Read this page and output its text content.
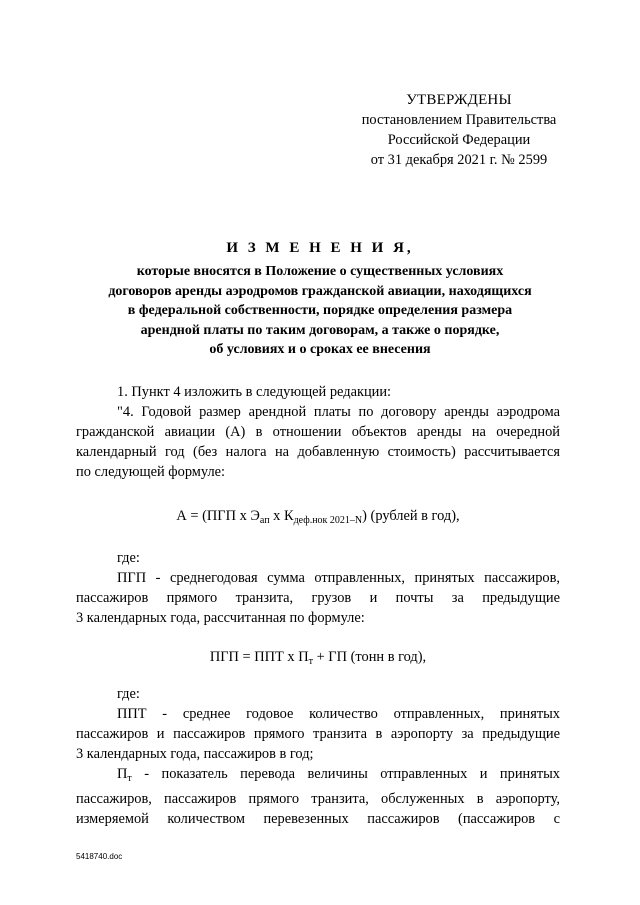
УТВЕРЖДЕНЫ
постановлением Правительства
Российской Федерации
от 31 декабря 2021 г. № 2599
И З М Е Н Е Н И Я,
которые вносятся в Положение о существенных условиях
договоров аренды аэродромов гражданской авиации, находящихся
в федеральной собственности, порядке определения размера
арендной платы по таким договорам, а также о порядке,
об условиях и о сроках ее внесения
1. Пункт 4 изложить в следующей редакции:
"4. Годовой размер арендной платы по договору аренды аэродрома
гражданской авиации (А) в отношении объектов аренды на очередной
календарный год (без налога на добавленную стоимость) рассчитывается
по следующей формуле:
А = (ПГП х $Э_{ап}$ х $К_{деф.нок 2021-N}$) (рублей в год),
где:
ПГП - среднегодовая сумма отправленных, принятых пассажиров,
пассажиров прямого транзита, грузов и почты за предыдущие
3 календарных года, рассчитанная по формуле:
ПГП = ППТ х $П_т$ + ГП (тонн в год),
где:
ППТ - среднее годовое количество отправленных, принятых
пассажиров и пассажиров прямого транзита в аэропорту за предыдущие
3 календарных года, пассажиров в год;
$П_т$ - показатель перевода величины отправленных и принятых
пассажиров, пассажиров прямого транзита, обслуженных в аэропорту,
измеряемой количеством перевезенных пассажиров (пассажиров с
5418740.doc
